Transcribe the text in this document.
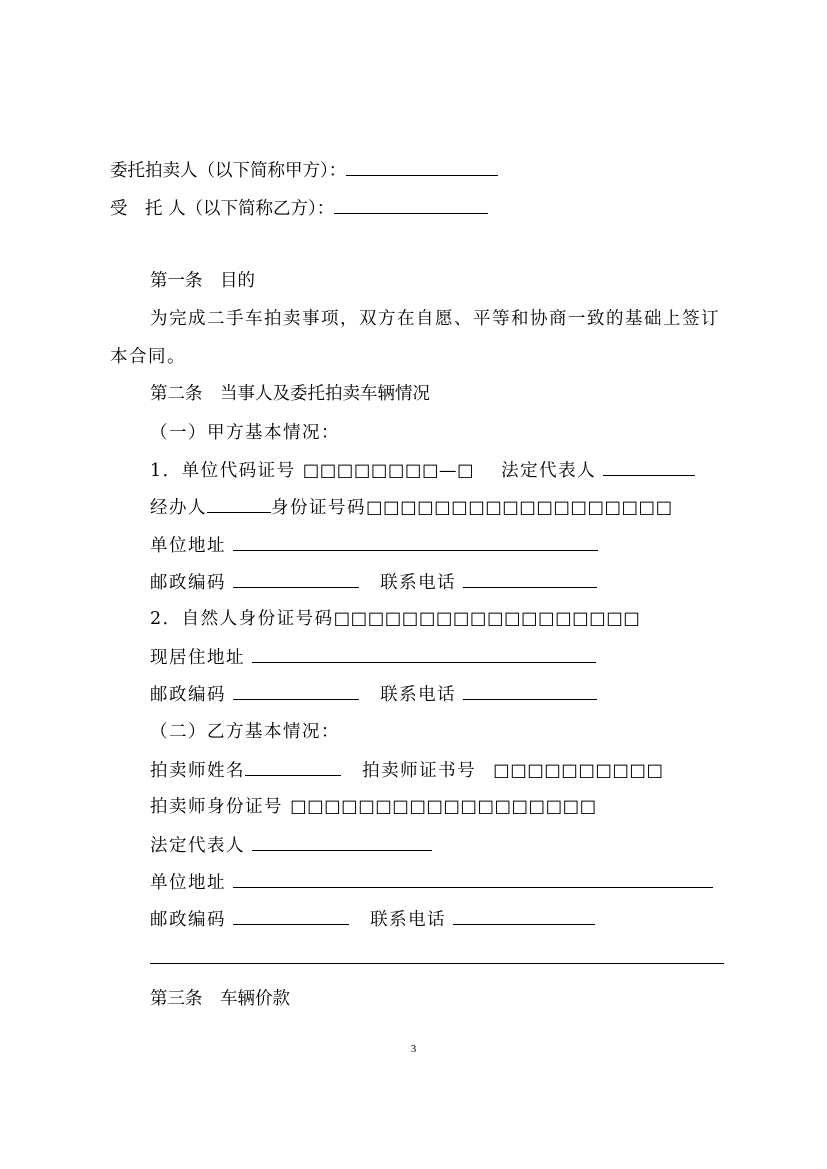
委托拍卖人（以下简称甲方）：
受　托 人（以下简称乙方）：
第一条　目的
为完成二手车拍卖事项，双方在自愿、平等和协商一致的基础上签订
本合同。
第二条　当事人及委托拍卖车辆情况
（一）甲方基本情况：
1．单位代码证号 □□□□□□□□—□ 法定代表人
经办人	身份证号码□□□□□□□□□□□□□□□□□□
单位地址
邮政编码	联系电话
2．自然人身份证号码□□□□□□□□□□□□□□□□□□
现居住地址
邮政编码	联系电话
（二）乙方基本情况：
拍卖师姓名	拍卖师证书号 □□□□□□□□□□
拍卖师身份证号 □□□□□□□□□□□□□□□□□□
法定代表人
单位地址
邮政编码	联系电话
第三条　车辆价款
3
